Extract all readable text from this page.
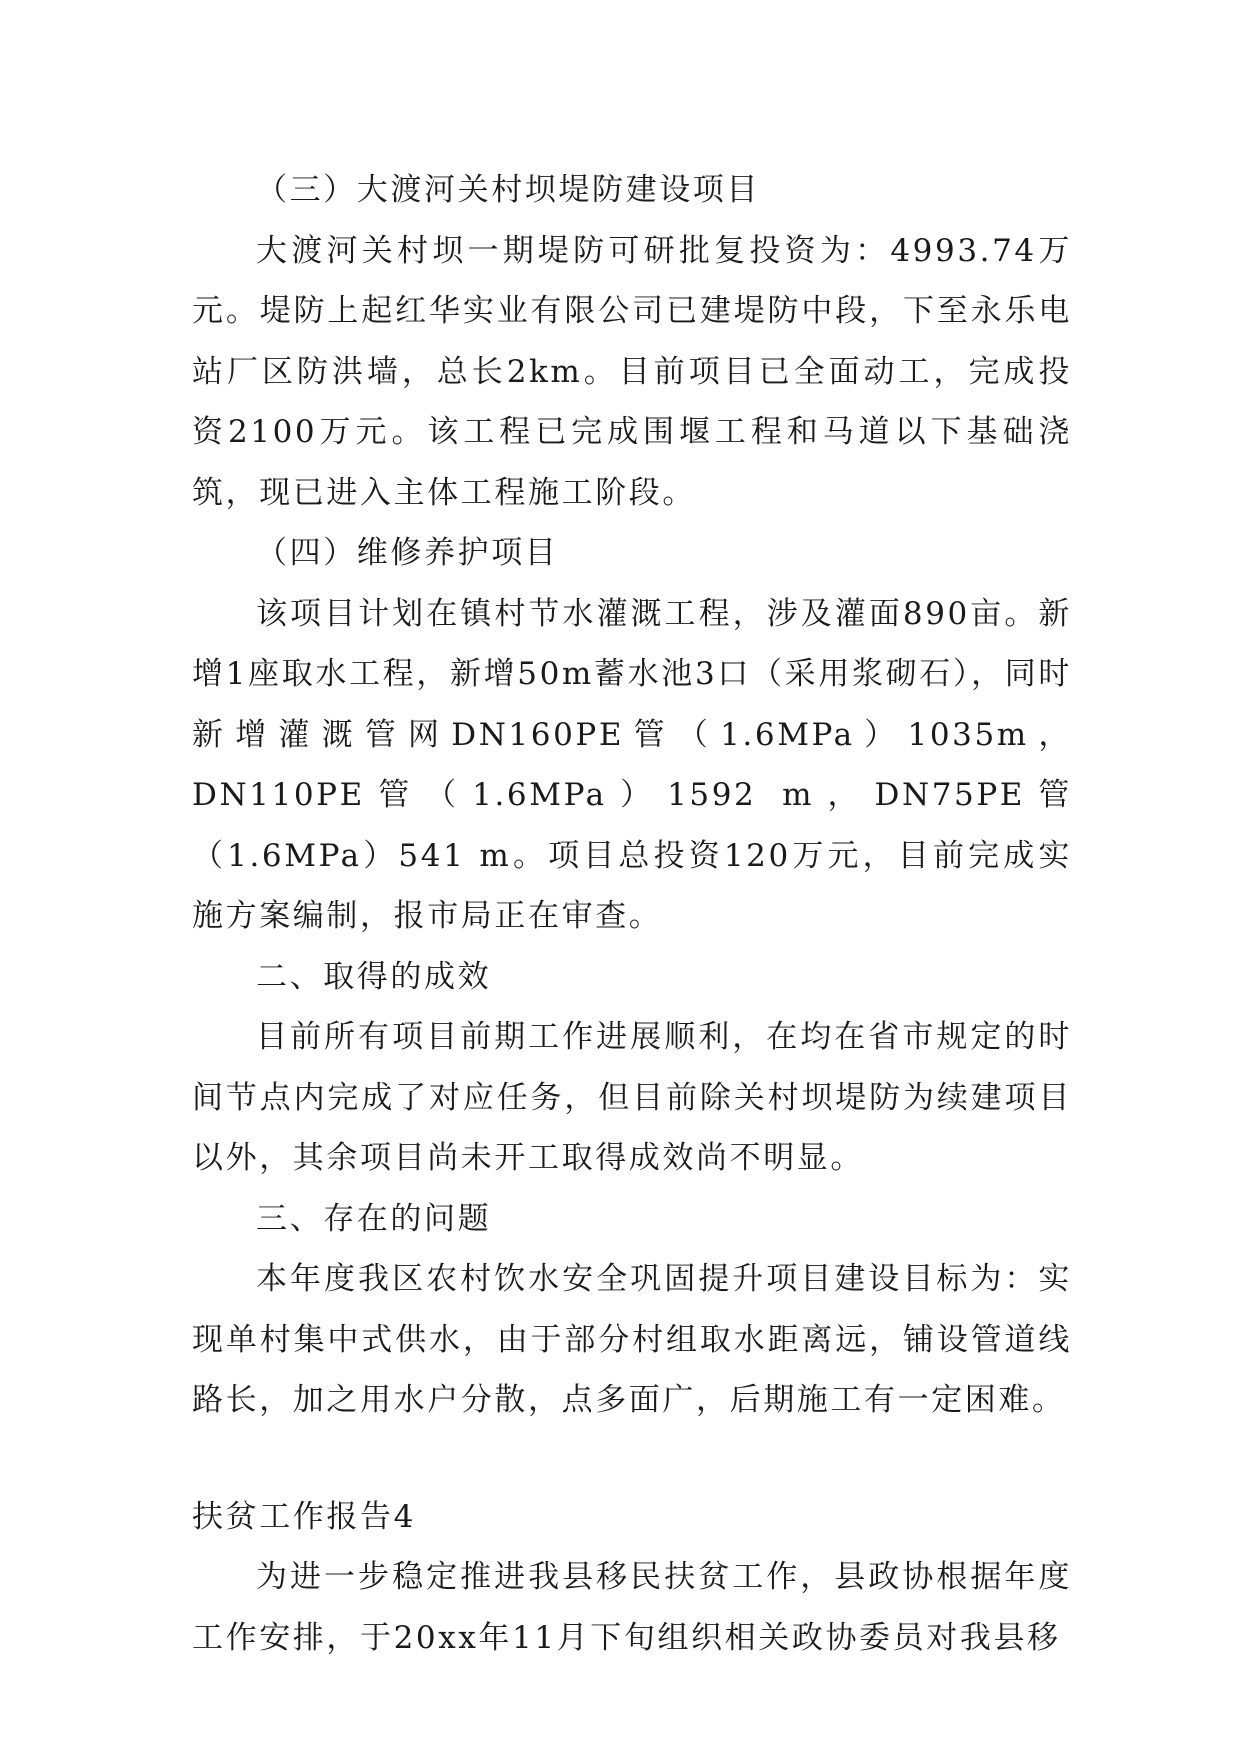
（三）大渡河关村坝堤防建设项目

大渡河关村坝一期堤防可研批复投资为：4993.74万元。堤防上起红华实业有限公司已建堤防中段，下至永乐电站厂区防洪墙，总长2km。目前项目已全面动工，完成投资2100万元。该工程已完成围堰工程和马道以下基础浇筑，现已进入主体工程施工阶段。

（四）维修养护项目

该项目计划在镇村节水灌溉工程，涉及灌面890亩。新增1座取水工程，新增50m蓄水池3口（采用浆砌石），同时新增灌溉管网DN160PE管（1.6MPa）1035m，DN110PE管（1.6MPa）1592 m，DN75PE管（1.6MPa）541 m。项目总投资120万元，目前完成实施方案编制，报市局正在审查。

二、取得的成效

目前所有项目前期工作进展顺利，在均在省市规定的时间节点内完成了对应任务，但目前除关村坝堤防为续建项目以外，其余项目尚未开工取得成效尚不明显。

三、存在的问题

本年度我区农村饮水安全巩固提升项目建设目标为：实现单村集中式供水，由于部分村组取水距离远，铺设管道线路长，加之用水户分散，点多面广，后期施工有一定困难。

扶贫工作报告4

为进一步稳定推进我县移民扶贫工作，县政协根据年度工作安排，于20xx年11月下旬组织相关政协委员对我县移
